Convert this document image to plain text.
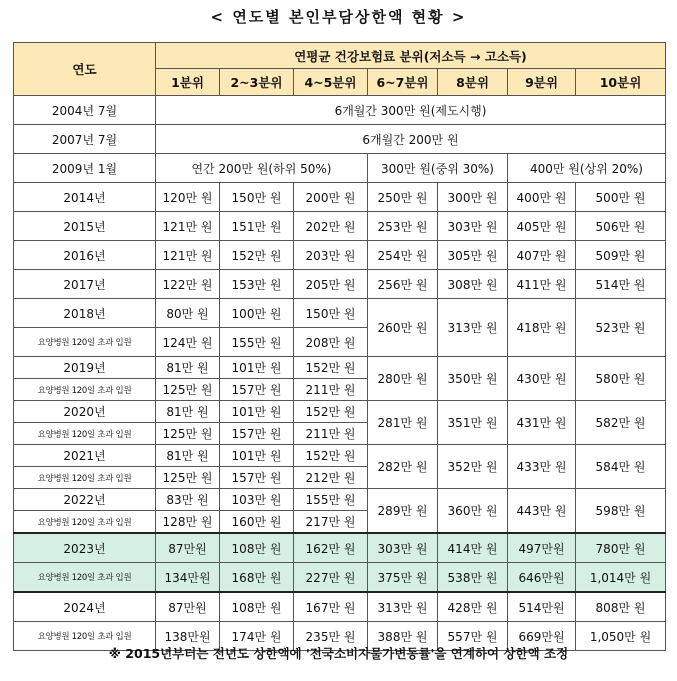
< 연도별 본인부담상한액 현황 >
연도	연평균 건강보험료 분위(저소득 → 고소득)						
	1분위	2~3분위	4~5분위	6~7분위	8분위	9분위	10분위
2004년 7월	6개월간 300만 원(제도시행)						
2007년 7월	6개월간 200만 원						
2009년 1월	연간 200만 원(하위 50%)			300만 원(중위 30%)		400만 원(상위 20%)	
2014년	120만 원	150만 원	200만 원	250만 원	300만 원	400만 원	500만 원
2015년	121만 원	151만 원	202만 원	253만 원	303만 원	405만 원	506만 원
2016년	121만 원	152만 원	203만 원	254만 원	305만 원	407만 원	509만 원
2017년	122만 원	153만 원	205만 원	256만 원	308만 원	411만 원	514만 원
2018년	80만 원	100만 원	150만 원	260만 원	313만 원	418만 원	523만 원
요양병원 120일 초과 입원	124만 원	155만 원	208만 원				
2019년	81만 원	101만 원	152만 원	280만 원	350만 원	430만 원	580만 원
요양병원 120일 초과 입원	125만 원	157만 원	211만 원				
2020년	81만 원	101만 원	152만 원	281만 원	351만 원	431만 원	582만 원
요양병원 120일 초과 입원	125만 원	157만 원	211만 원				
2021년	81만 원	101만 원	152만 원	282만 원	352만 원	433만 원	584만 원
요양병원 120일 초과 입원	125만 원	157만 원	212만 원				
2022년	83만 원	103만 원	155만 원	289만 원	360만 원	443만 원	598만 원
요양병원 120일 초과 입원	128만 원	160만 원	217만 원				
2023년	87만원	108만 원	162만 원	303만 원	414만 원	497만원	780만 원
요양병원 120일 초과 입원	134만원	168만 원	227만 원	375만 원	538만 원	646만원	1,014만 원
2024년	87만원	108만 원	167만 원	313만 원	428만 원	514만원	808만 원
요양병원 120일 초과 입원	138만원	174만 원	235만 원	388만 원	557만 원	669만원	1,050만 원
※ 2015년부터는 전년도 상한액에 '전국소비자물가변동률'을 연계하여 상한액 조정
